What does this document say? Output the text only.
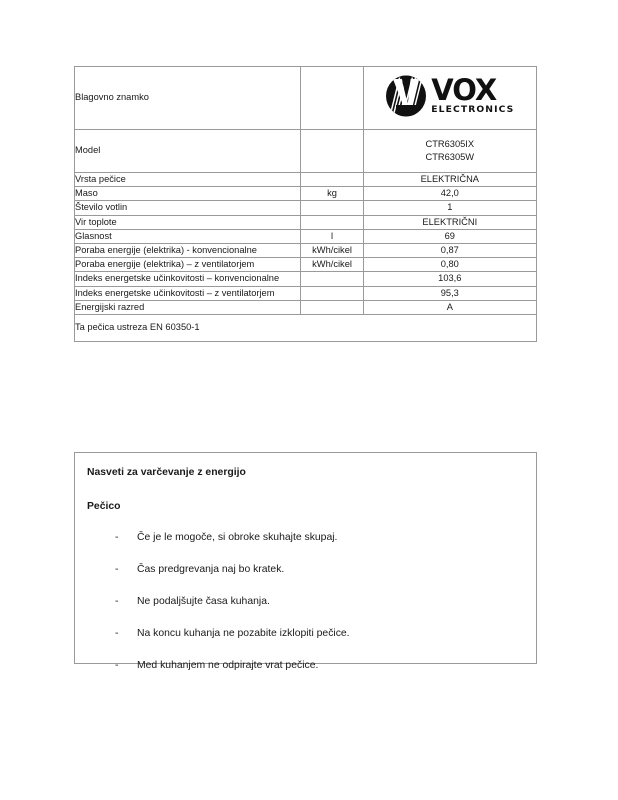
Blagovno znamko		VOX
ELECTRONICS

Model		CTR6305IX
CTR6305W

Vrsta pečice		ELEKTRIČNA
Maso	kg	42,0
Število votlin		1
Vir toplote		ELEKTRIČNI
Glasnost	l	69
Poraba energije (elektrika) - konvencionalne	kWh/cikel	0,87
Poraba energije (elektrika) – z ventilatorjem	kWh/cikel	0,80
Indeks energetske učinkovitosti – konvencionalne		103,6
Indeks energetske učinkovitosti – z ventilatorjem		95,3
Energijski razred		A
Ta pečica ustreza EN 60350-1		
Nasveti za varčevanje z energijo
Pečico
-	Če je le mogoče, si obroke skuhajte skupaj.
-	Čas predgrevanja naj bo kratek.
-	Ne podaljšujte časa kuhanja.
-	Na koncu kuhanja ne pozabite izklopiti pečice.
-	Med kuhanjem ne odpirajte vrat pečice.
